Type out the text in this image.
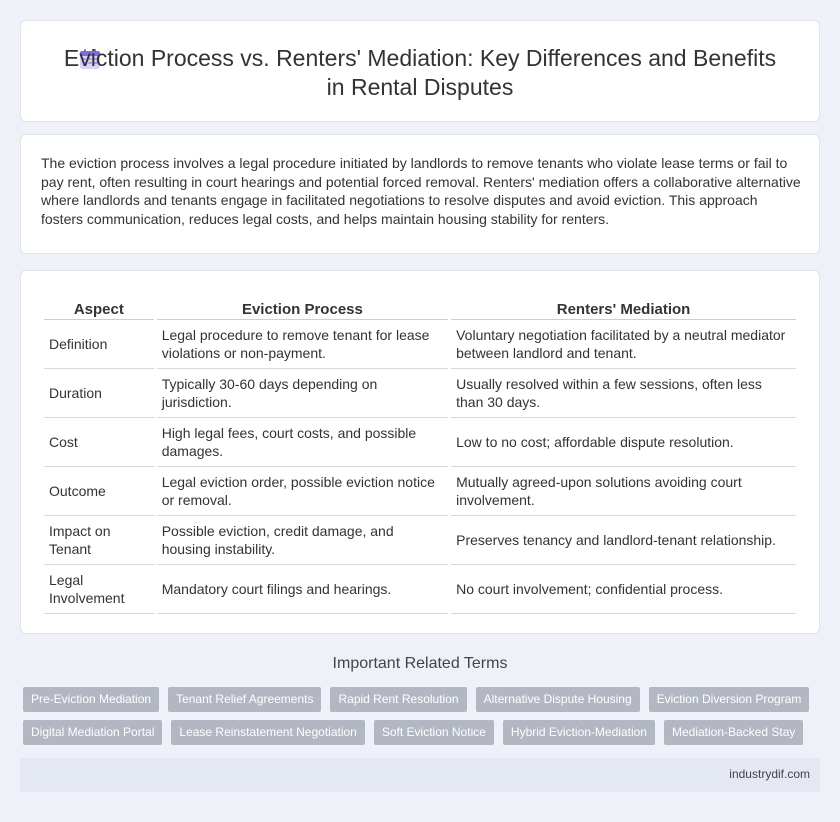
Eviction Process vs. Renters' Mediation: Key Differences and Benefits in Rental Disputes

The eviction process involves a legal procedure initiated by landlords to remove tenants who violate lease terms or fail to pay rent, often resulting in court hearings and potential forced removal. Renters' mediation offers a collaborative alternative where landlords and tenants engage in facilitated negotiations to resolve disputes and avoid eviction. This approach fosters communication, reduces legal costs, and helps maintain housing stability for renters.

Aspect	Eviction Process	Renters' Mediation
Definition	Legal procedure to remove tenant for lease violations or non-payment.	Voluntary negotiation facilitated by a neutral mediator between landlord and tenant.
Duration	Typically 30-60 days depending on jurisdiction.	Usually resolved within a few sessions, often less than 30 days.
Cost	High legal fees, court costs, and possible damages.	Low to no cost; affordable dispute resolution.
Outcome	Legal eviction order, possible eviction notice or removal.	Mutually agreed-upon solutions avoiding court involvement.
Impact on Tenant	Possible eviction, credit damage, and housing instability.	Preserves tenancy and landlord-tenant relationship.
Legal Involvement	Mandatory court filings and hearings.	No court involvement; confidential process.
Important Related Terms
Pre-Eviction Mediation	Tenant Relief Agreements	Rapid Rent Resolution	Alternative Dispute Housing	Eviction Diversion Program
Digital Mediation Portal	Lease Reinstatement Negotiation	Soft Eviction Notice	Hybrid Eviction-Mediation	Mediation-Backed Stay
industrydif.com
